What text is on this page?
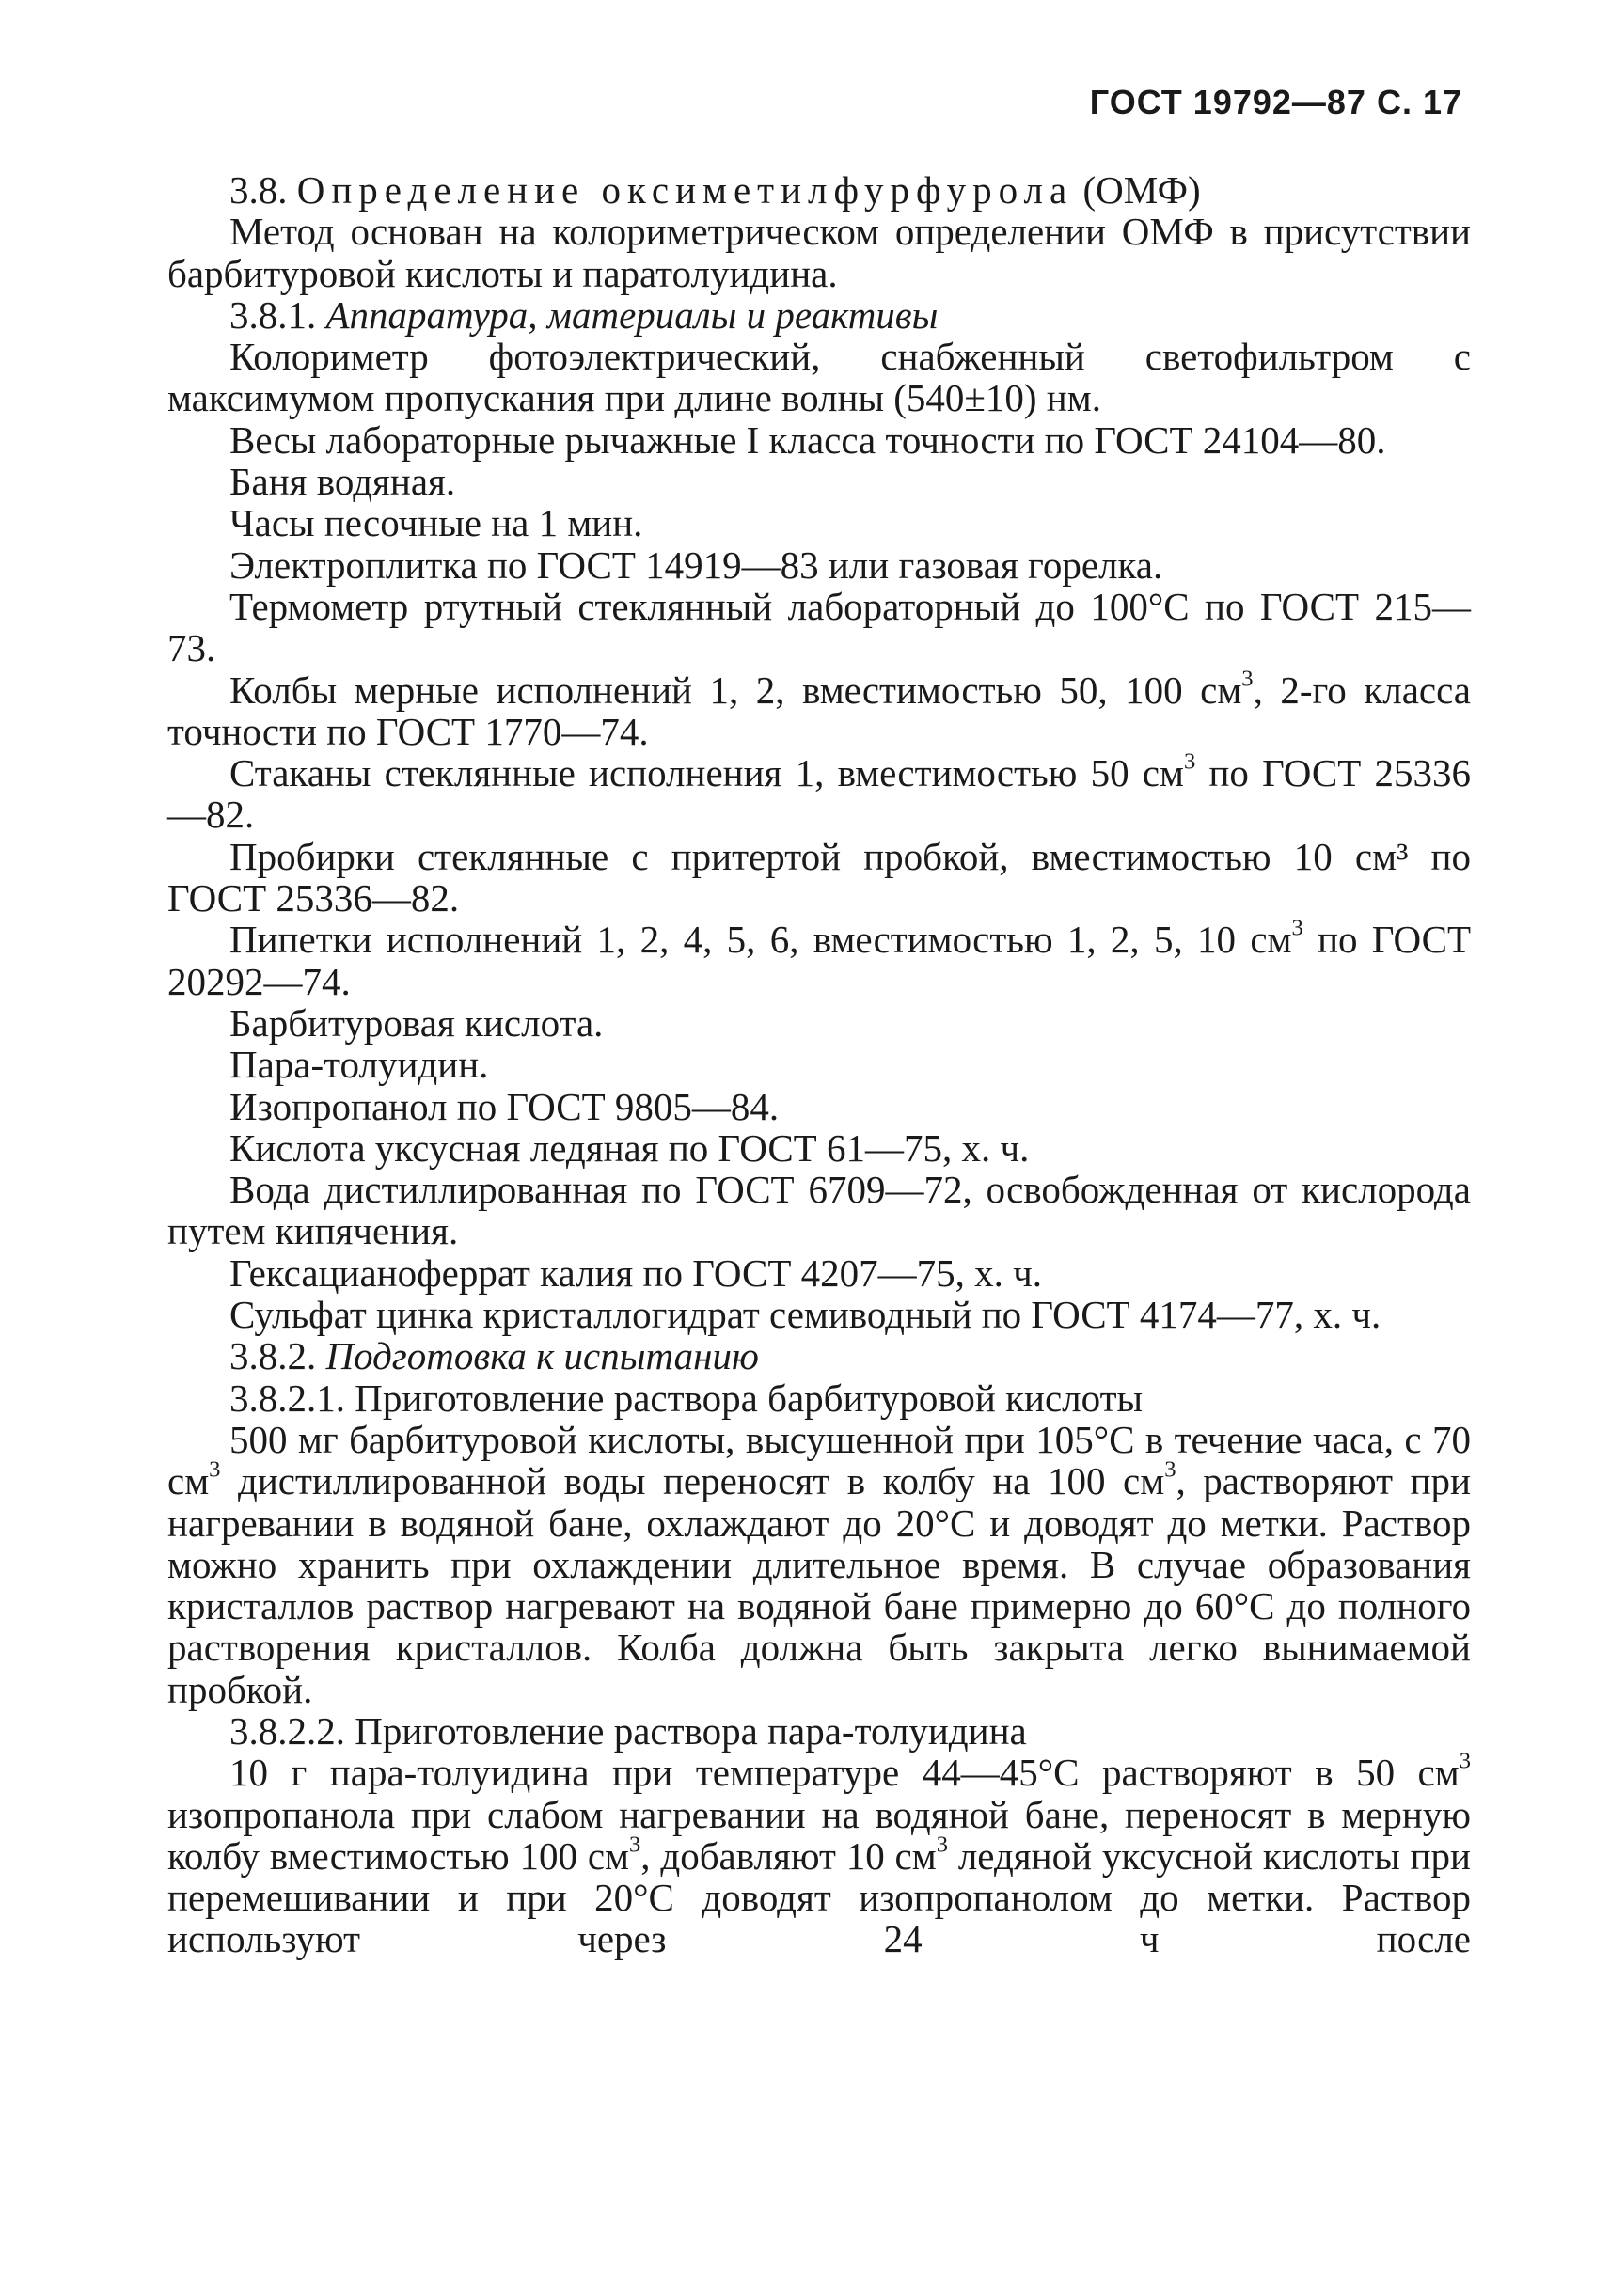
ГОСТ 19792—87 С. 17

3.8. Определение оксиметилфурфурола (ОМФ)

Метод основан на колориметрическом определении ОМФ в присутствии барбитуровой кислоты и паратолуидина.

3.8.1. Аппаратура, материалы и реактивы

Колориметр фотоэлектрический, снабженный светофильтром с максимумом пропускания при длине волны (540±10) нм.

Весы лабораторные рычажные I класса точности по ГОСТ 24104—80.

Баня водяная.

Часы песочные на 1 мин.

Электроплитка по ГОСТ 14919—83 или газовая горелка.

Термометр ртутный стеклянный лабораторный до 100°С по ГОСТ 215—73.

Колбы мерные исполнений 1, 2, вместимостью 50, 100 $см^3$, 2-го класса точности по ГОСТ 1770—74.

Стаканы стеклянные исполнения 1, вместимостью 50 $см^3$ по ГОСТ 25336—82.

Пробирки стеклянные с притертой пробкой, вместимостью 10 см³ по ГОСТ 25336—82.

Пипетки исполнений 1, 2, 4, 5, 6, вместимостью 1, 2, 5, 10 $см^3$ по ГОСТ 20292—74.

Барбитуровая кислота.

Пара-толуидин.

Изопропанол по ГОСТ 9805—84.

Кислота уксусная ледяная по ГОСТ 61—75, х. ч.

Вода дистиллированная по ГОСТ 6709—72, освобожденная от кислорода путем кипячения.

Гексацианоферрат калия по ГОСТ 4207—75, х. ч.

Сульфат цинка кристаллогидрат семиводный по ГОСТ 4174—77, х. ч.

3.8.2. Подготовка к испытанию

3.8.2.1. Приготовление раствора барбитуровой кислоты

500 мг барбитуровой кислоты, высушенной при 105°С в течение часа, с 70 $см^3$ дистиллированной воды переносят в колбу на 100 $см^3$, растворяют при нагревании в водяной бане, охлаждают до 20°С и доводят до метки. Раствор можно хранить при охлаждении длительное время. В случае образования кристаллов раствор нагревают на водяной бане примерно до 60°С до полного растворения кристаллов. Колба должна быть закрыта легко вынимаемой пробкой.

3.8.2.2. Приготовление раствора пара-толуидина

10 г пара-толуидина при температуре 44—45°С растворяют в 50 $см^3$ изопропанола при слабом нагревании на водяной бане, переносят в мерную колбу вместимостью 100 $см^3$, добавляют 10 $см^3$ ледяной уксусной кислоты при перемешивании и при 20°С доводят изопропанолом до метки. Раствор используют через 24 ч после
